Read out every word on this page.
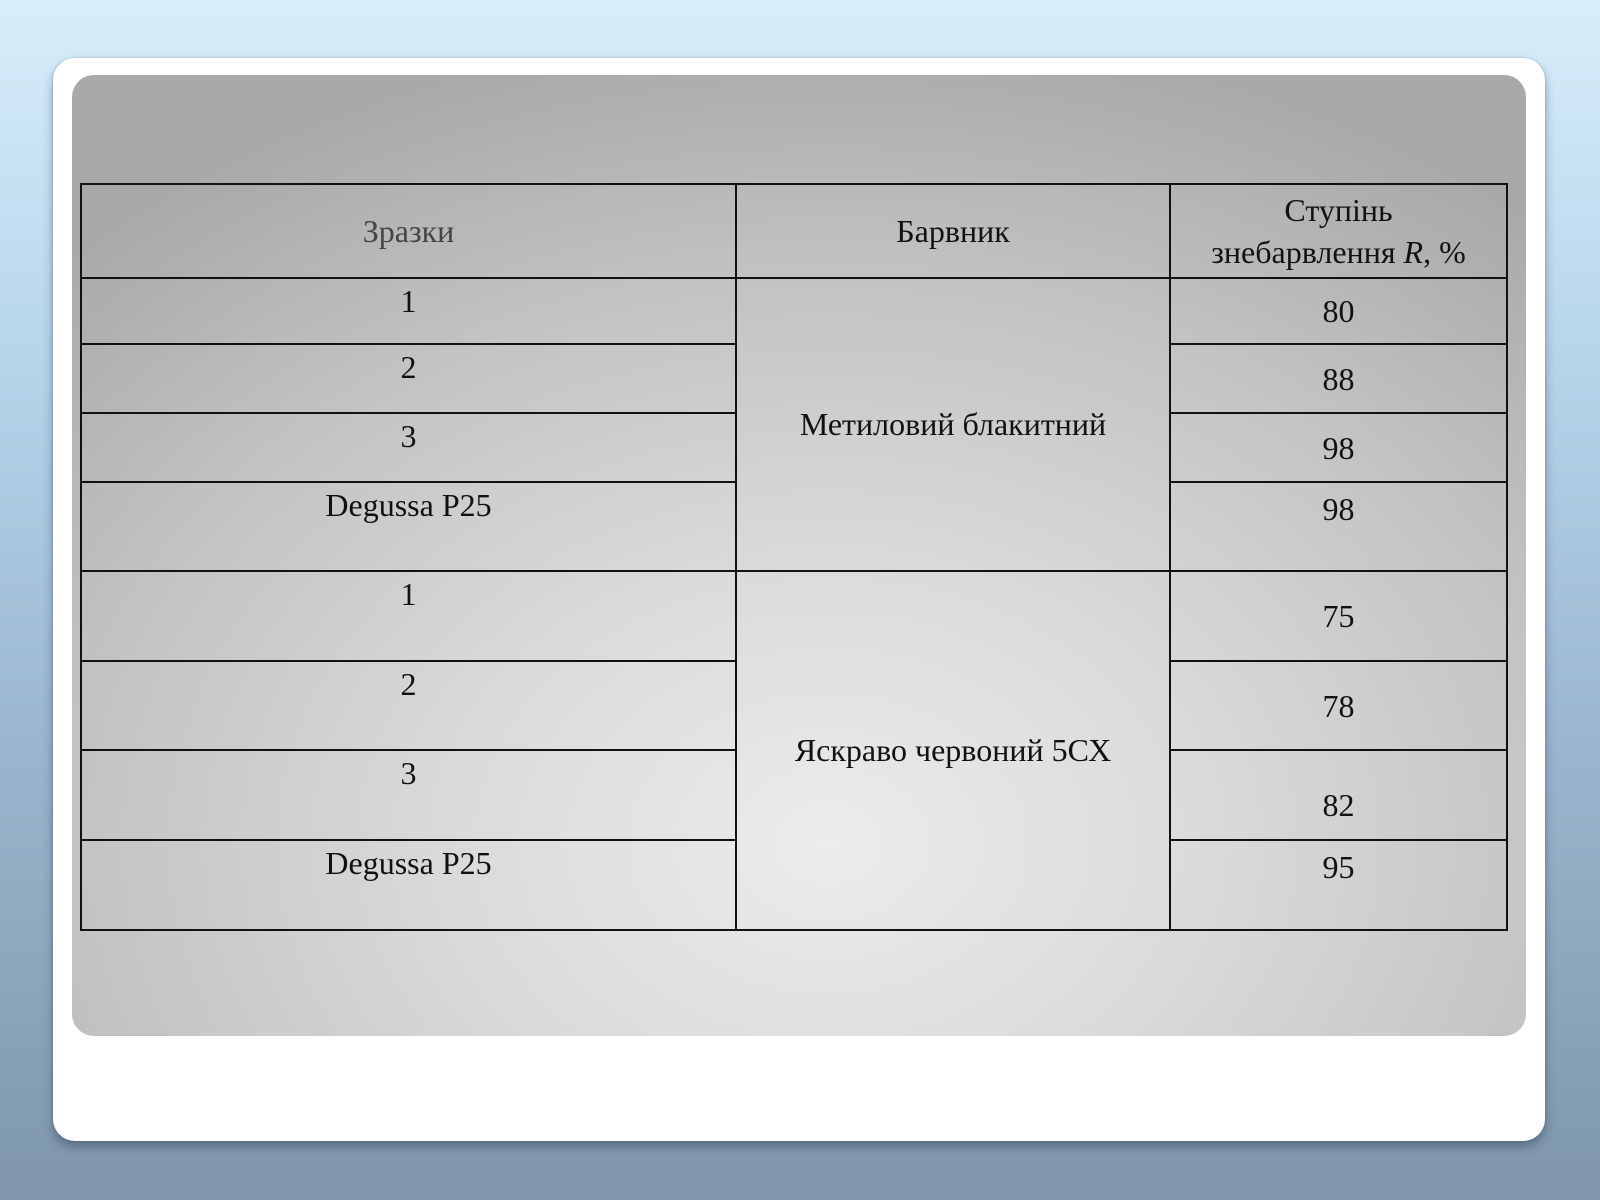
Зразки	Барвник	Ступінь
знебарвлення R, %

1	Метиловий блакитний	80

2		88

3		98

Degussa P25		98

1	Яскраво червоний 5СХ	75

2		78

3		82

Degussa P25		95
